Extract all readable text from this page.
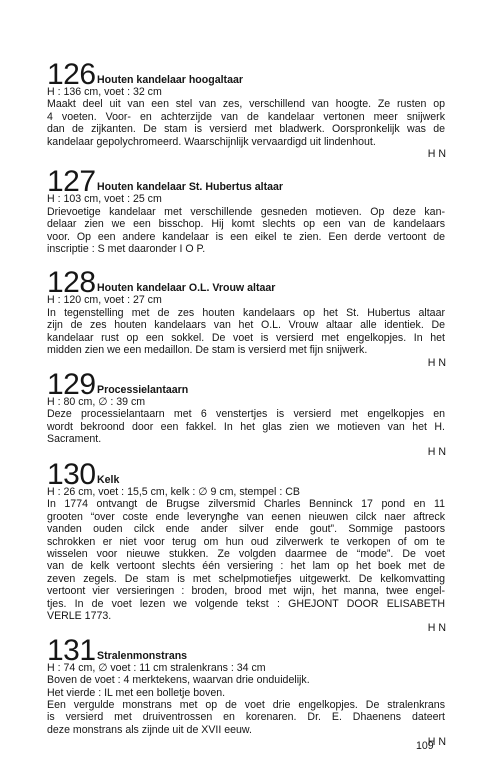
126 Houten kandelaar hoogaltaar
H : 136 cm, voet : 32 cm
Maakt deel uit van een stel van zes, verschillend van hoogte. Ze rusten op
4 voeten. Voor- en achterzijde van de kandelaar vertonen meer snijwerk
dan de zijkanten. De stam is versierd met bladwerk. Oorspronkelijk was de
kandelaar gepolychromeerd. Waarschijnlijk vervaardigd uit lindenhout.
H N
127 Houten kandelaar St. Hubertus altaar
H : 103 cm, voet : 25 cm
Drievoetige kandelaar met verschillende gesneden motieven. Op deze kan-
delaar zien we een bisschop. Hij komt slechts op een van de kandelaars
voor. Op een andere kandelaar is een eikel te zien. Een derde vertoont de
inscriptie : S met daaronder I O P.
128 Houten kandelaar O.L. Vrouw altaar
H : 120 cm, voet : 27 cm
In tegenstelling met de zes houten kandelaars op het St. Hubertus altaar
zijn de zes houten kandelaars van het O.L. Vrouw altaar alle identiek. De
kandelaar rust op een sokkel. De voet is versierd met engelkopjes. In het
midden zien we een medaillon. De stam is versierd met fijn snijwerk.
H N
129 Processielantaarn
H : 80 cm, ∅ : 39 cm
Deze processielantaarn met 6 venstertjes is versierd met engelkopjes en
wordt bekroond door een fakkel. In het glas zien we motieven van het H.
Sacrament.
H N
130 Kelk
H : 26 cm, voet : 15,5 cm, kelk : ∅ 9 cm, stempel : CB
In 1774 ontvangt de Brugse zilversmid Charles Benninck 17 pond en 11
grooten “over coste ende leveryngħe van eenen nieuwen cilck naer aftreck
vanden ouden cilck ende ander silver ende gout”. Sommige pastoors
schrokken er niet voor terug om hun oud zilverwerk te verkopen of om te
wisselen voor nieuwe stukken. Ze volgden daarmee de “mode”. De voet
van de kelk vertoont slechts één versiering : het lam op het boek met de
zeven zegels. De stam is met schelpmotiefjes uitgewerkt. De kelkomvatting
vertoont vier versieringen : broden, brood met wijn, het manna, twee engel-
tjes. In de voet lezen we volgende tekst : GHEJONT DOOR ELISABETH
VERLE 1773.
H N
131 Stralenmonstrans
H : 74 cm, ∅ voet : 11 cm stralenkrans : 34 cm
Boven de voet : 4 merktekens, waarvan drie onduidelijk.
Het vierde : IL met een bolletje boven.
Een vergulde monstrans met op de voet drie engelkopjes. De stralenkrans
is versierd met druiventrossen en korenaren. Dr. E. Dhaenens dateert
deze monstrans als zijnde uit de XVII eeuw.
H N
109
